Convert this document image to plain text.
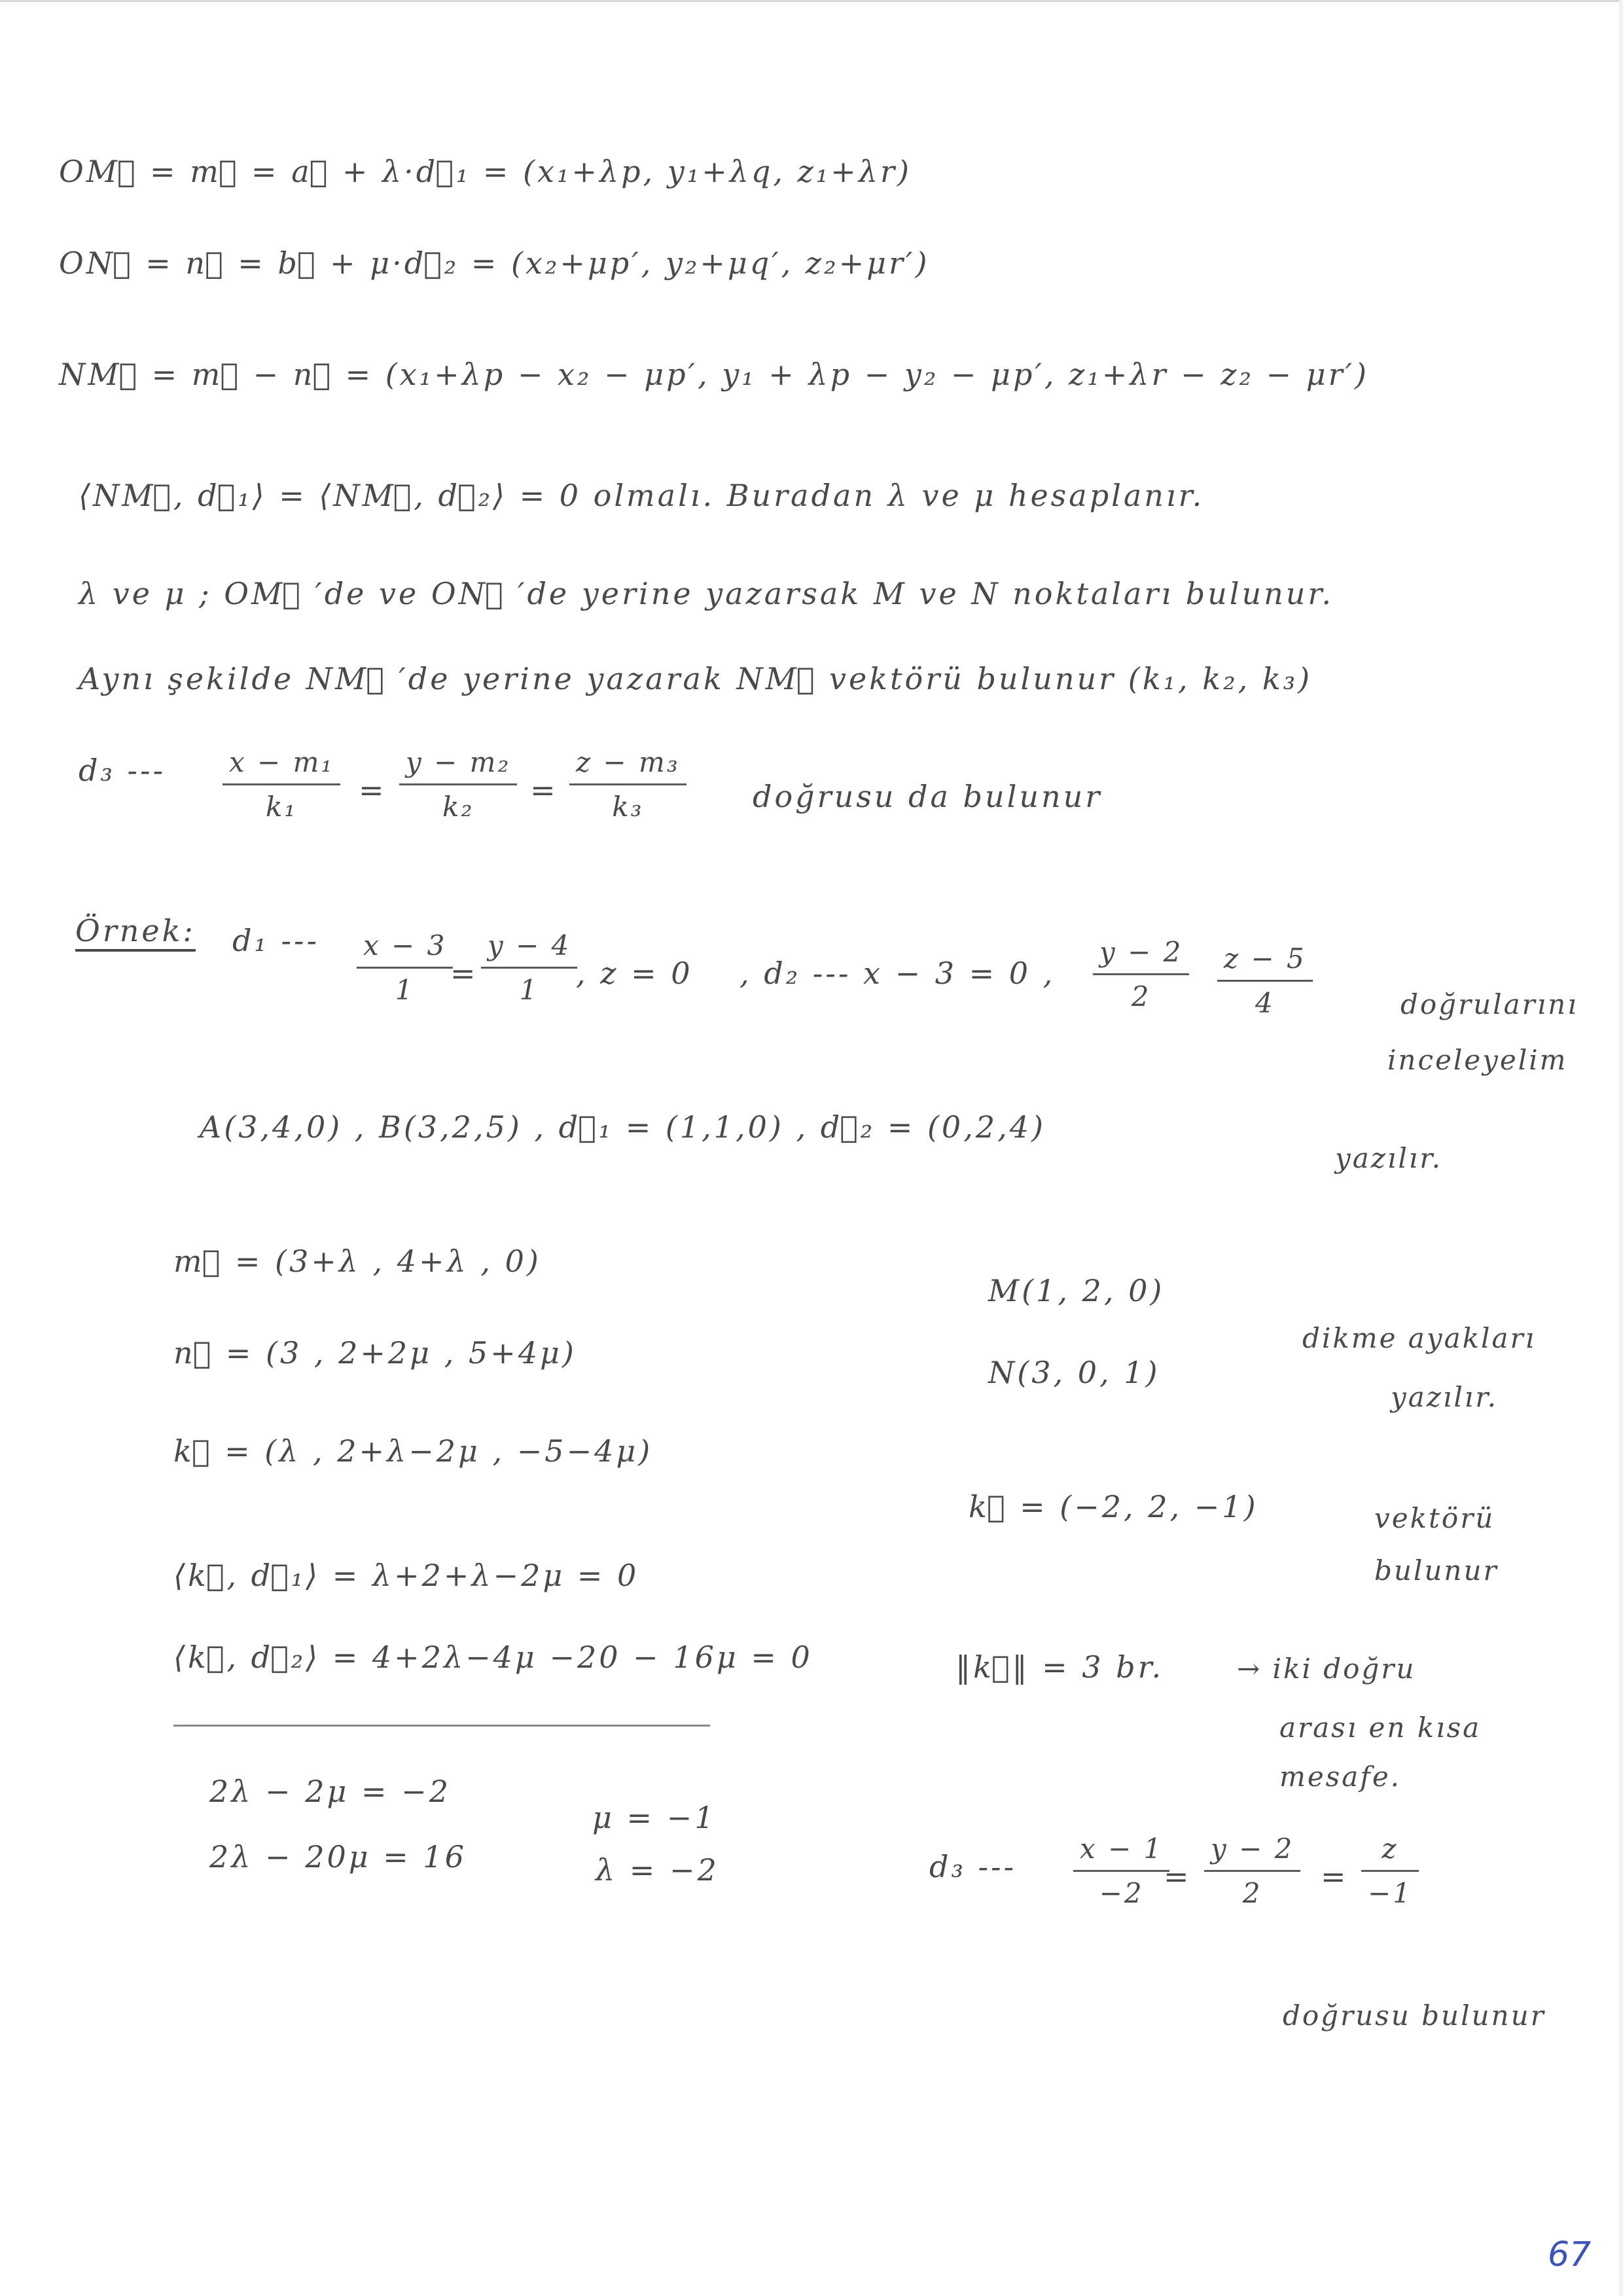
OM⃗ = m⃗ = a⃗ + λ·d⃗₁ = (x₁+λp, y₁+λq, z₁+λr)
ON⃗ = n⃗ = b⃗ + μ·d⃗₂ = (x₂+μp′, y₂+μq′, z₂+μr′)
NM⃗ = m⃗ − n⃗ = (x₁+λp − x₂ − μp′, y₁ + λp − y₂ − μp′, z₁+λr − z₂ − μr′)
⟨NM⃗, d⃗₁⟩ = ⟨NM⃗, d⃗₂⟩ = 0 olmalı. Buradan λ ve μ hesaplanır.
λ ve μ ; OM⃗ ′de ve ON⃗ ′de yerine yazarsak M ve N noktaları bulunur.
Aynı şekilde NM⃗ ′de yerine yazarak NM⃗ vektörü bulunur (k₁, k₂, k₃)
d₃ --- x − m₁
k₁ =
y − m₂
k₂ =
z − m₃
k₃	doğrusu da bulunur
Örnek: d₁ --- x − 3
1 =
y − 4
1 , z = 0 , d₂ --- x − 3 = 0 ,
y − 2
2
z − 5
4	doğrularını
inceleyelim
A(3,4,0) , B(3,2,5) , d⃗₁ = (1,1,0) , d⃗₂ = (0,2,4)
yazılır.
m⃗ = (3+λ , 4+λ , 0)
n⃗ = (3 , 2+2μ , 5+4μ)
k⃗ = (λ , 2+λ−2μ , −5−4μ)
⟨k⃗, d⃗₁⟩ = λ+2+λ−2μ = 0
⟨k⃗, d⃗₂⟩ = 4+2λ−4μ −20 − 16μ = 0
2λ − 2μ = −2
2λ − 20μ = 16
μ = −1
λ = −2
M(1, 2, 0)
N(3, 0, 1)
dikme ayakları
yazılır.
k⃗ = (−2, 2, −1)	vektörü
bulunur
‖k⃗‖ = 3 br.	→ iki doğru
arası en kısa
mesafe.
d₃ ---
x − 1
−2 =
y − 2
2 =
z
−1
doğrusu bulunur
67
